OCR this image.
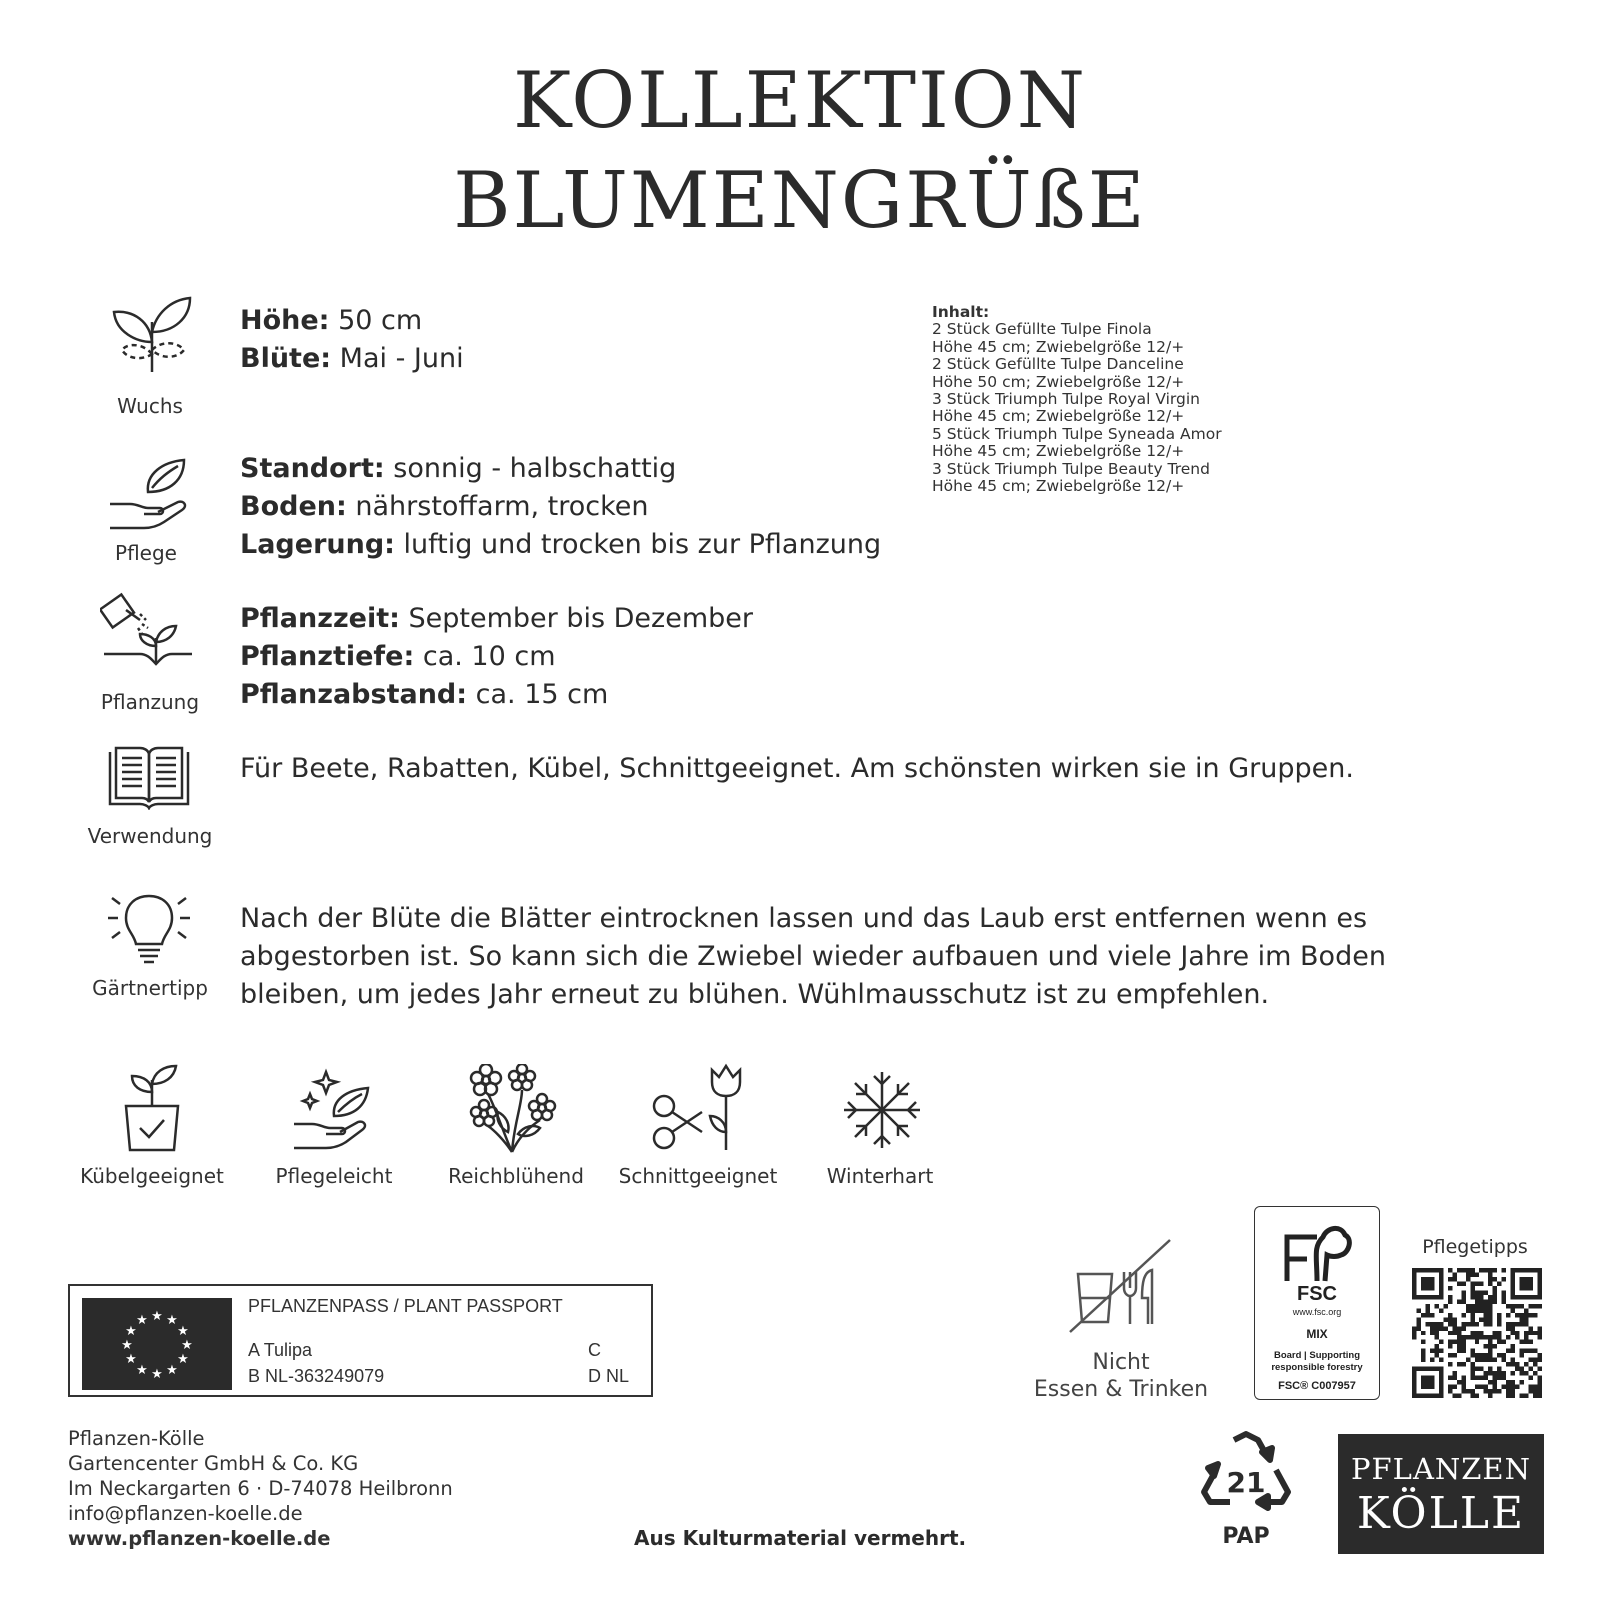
KOLLEKTION
BLUMENGRÜßE
Wuchs
Höhe: 50 cm
Blüte: Mai - Juni
Pflege
Standort: sonnig - halbschattig
Boden: nährstoffarm, trocken
Lagerung: luftig und trocken bis zur Pflanzung
Pflanzung
Pflanzzeit: September bis Dezember
Pflanztiefe: ca. 10 cm
Pflanzabstand: ca. 15 cm
Verwendung
Für Beete, Rabatten, Kübel, Schnittgeeignet. Am schönsten wirken sie in Gruppen.
Gärtnertipp
Nach der Blüte die Blätter eintrocknen lassen und das Laub erst entfernen wenn es
abgestorben ist. So kann sich die Zwiebel wieder aufbauen und viele Jahre im Boden
bleiben, um jedes Jahr erneut zu blühen. Wühlmausschutz ist zu empfehlen.
Inhalt:
2 Stück Gefüllte Tulpe Finola
Höhe 45 cm; Zwiebelgröße 12/+
2 Stück Gefüllte Tulpe Danceline
Höhe 50 cm; Zwiebelgröße 12/+
3 Stück Triumph Tulpe Royal Virgin
Höhe 45 cm; Zwiebelgröße 12/+
5 Stück Triumph Tulpe Syneada Amor
Höhe 45 cm; Zwiebelgröße 12/+
3 Stück Triumph Tulpe Beauty Trend
Höhe 45 cm; Zwiebelgröße 12/+
Kübelgeeignet	Pflegeleicht	Reichblühend	Schnittgeeignet	Winterhart
★ ★
★
★
★
★
★
★
★
★
★
★
PFLANZENPASS / PLANT PASSPORT
A Tulipa
B NL-363249079
C
D NL
Nicht
Essen & Trinken
FSC
www.fsc.org
MIX
Board | Supporting
responsible forestry
FSC® C007957
Pflegetipps
Pflanzen-Kölle
Gartencenter GmbH & Co. KG
Im Neckargarten 6 · D-74078 Heilbronn
info@pflanzen-koelle.de
www.pflanzen-koelle.de	Aus Kulturmaterial vermehrt.
21
PAP
PFLANZEN
KÖLLE
